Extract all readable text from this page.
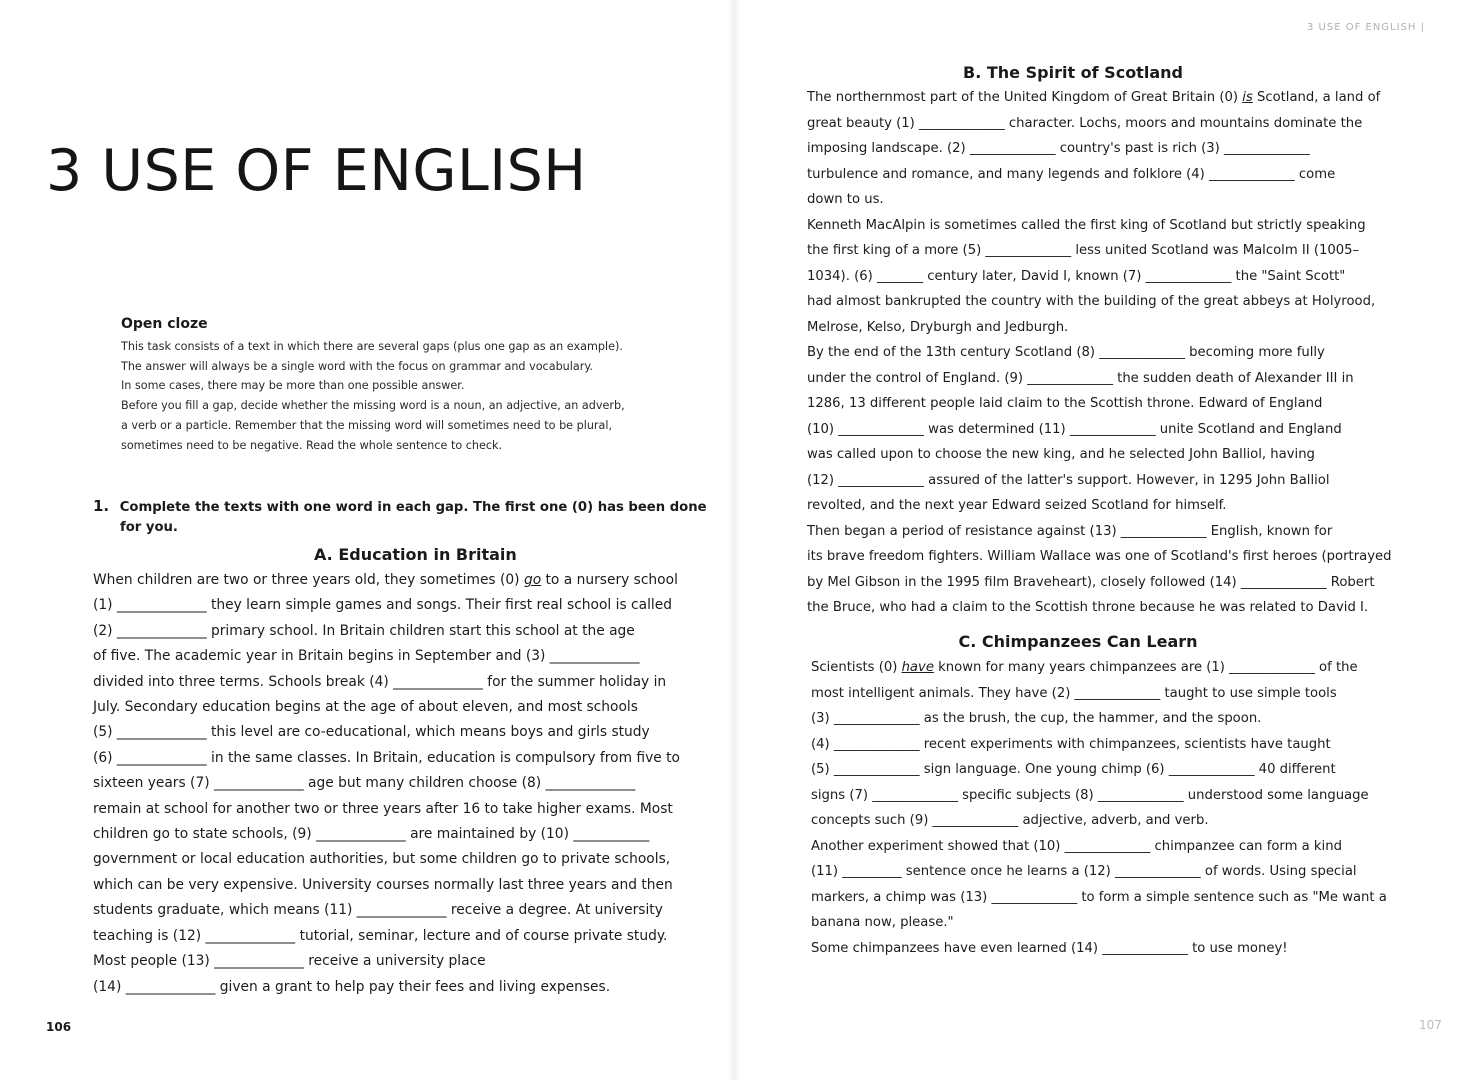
3 USE OF ENGLISH
Open cloze
This task consists of a text in which there are several gaps (plus one gap as an example).
The answer will always be a single word with the focus on grammar and vocabulary.
In some cases, there may be more than one possible answer.
Before you fill a gap, decide whether the missing word is a noun, an adjective, an adverb,
a verb or a particle. Remember that the missing word will sometimes need to be plural,
sometimes need to be negative. Read the whole sentence to check.
1. Complete the texts with one word in each gap. The first one (0) has been done
for you.
A. Education in Britain
When children are two or three years old, they sometimes (0) go to a nursery school
(1) _____________ they learn simple games and songs. Their first real school is called
(2) _____________ primary school. In Britain children start this school at the age
of five. The academic year in Britain begins in September and (3) _____________
divided into three terms. Schools break (4) _____________ for the summer holiday in
July. Secondary education begins at the age of about eleven, and most schools
(5) _____________ this level are co-educational, which means boys and girls study
(6) _____________ in the same classes. In Britain, education is compulsory from five to
sixteen years (7) _____________ age but many children choose (8) _____________
remain at school for another two or three years after 16 to take higher exams. Most
children go to state schools, (9) _____________ are maintained by (10) ___________
government or local education authorities, but some children go to private schools,
which can be very expensive. University courses normally last three years and then
students graduate, which means (11) _____________ receive a degree. At university
teaching is (12) _____________ tutorial, seminar, lecture and of course private study.
Most people (13) _____________ receive a university place
(14) _____________ given a grant to help pay their fees and living expenses.
106
3 USE OF ENGLISH |
B. The Spirit of Scotland
The northernmost part of the United Kingdom of Great Britain (0) is Scotland, a land of
great beauty (1) _____________ character. Lochs, moors and mountains dominate the
imposing landscape. (2) _____________ country's past is rich (3) _____________
turbulence and romance, and many legends and folklore (4) _____________ come
down to us.
Kenneth MacAlpin is sometimes called the first king of Scotland but strictly speaking
the first king of a more (5) _____________ less united Scotland was Malcolm II (1005–
1034). (6) _______ century later, David I, known (7) _____________ the "Saint Scott"
had almost bankrupted the country with the building of the great abbeys at Holyrood,
Melrose, Kelso, Dryburgh and Jedburgh.
By the end of the 13th century Scotland (8) _____________ becoming more fully
under the control of England. (9) _____________ the sudden death of Alexander III in
1286, 13 different people laid claim to the Scottish throne. Edward of England
(10) _____________ was determined (11) _____________ unite Scotland and England
was called upon to choose the new king, and he selected John Balliol, having
(12) _____________ assured of the latter's support. However, in 1295 John Balliol
revolted, and the next year Edward seized Scotland for himself.
Then began a period of resistance against (13) _____________ English, known for
its brave freedom fighters. William Wallace was one of Scotland's first heroes (portrayed
by Mel Gibson in the 1995 film Braveheart), closely followed (14) _____________ Robert
the Bruce, who had a claim to the Scottish throne because he was related to David I.
C. Chimpanzees Can Learn
Scientists (0) have known for many years chimpanzees are (1) _____________ of the
most intelligent animals. They have (2) _____________ taught to use simple tools
(3) _____________ as the brush, the cup, the hammer, and the spoon.
(4) _____________ recent experiments with chimpanzees, scientists have taught
(5) _____________ sign language. One young chimp (6) _____________ 40 different
signs (7) _____________ specific subjects (8) _____________ understood some language
concepts such (9) _____________ adjective, adverb, and verb.
Another experiment showed that (10) _____________ chimpanzee can form a kind
(11) _________ sentence once he learns a (12) _____________ of words. Using special
markers, a chimp was (13) _____________ to form a simple sentence such as "Me want a
banana now, please."
Some chimpanzees have even learned (14) _____________ to use money!
107
